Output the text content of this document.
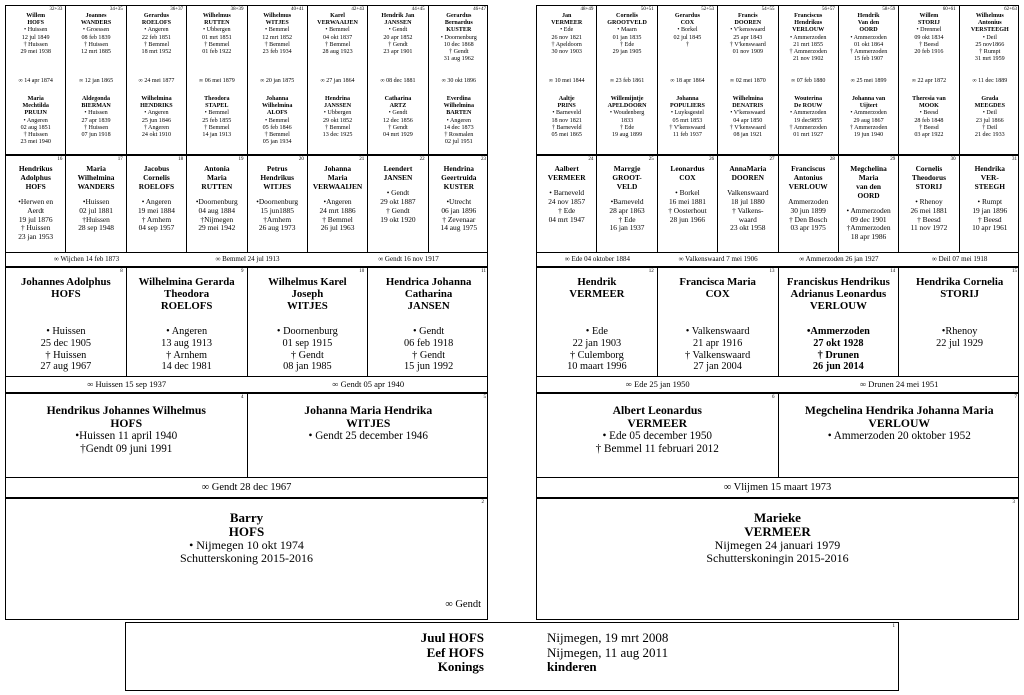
32+33
Willem
HOFS
• Huissen
12 jul 1849
† Huissen
29 mei 1938
∞ 14 apr 1874
Maria
Mechtilda
PRUIJN
• Angeren
02 aug 1851
† Huissen
23 mei 1940
34+35
Joannes
WANDERS
• Groessen
08 feb 1839
† Huissen
12 mrt 1885
∞ 12 jan 1865
Aldegonda
BIERMAN
• Huissen
27 apr 1839
† Huissen
07 jun 1918
36+37
Gerardus
ROELOFS
• Angeren
22 feb 1851
† Bemmel
18 mrt 1952
∞ 24 mei 1877
Wilhelmina
HENDRIKS
• Angeren
25 jun 1846
† Angeren
24 okt 1910
38+39
Wilhelmus
RUTTEN
• Ubbergen
01 mrt 1851
† Bemmel
01 feb 1922
∞ 06 mei 1879
Theodora
STAPEL
• Bemmel
25 feb 1855
† Bemmel
14 jan 1913
40+41
Wilhelmus
WITJES
• Bemmel
12 mrt 1852
† Bemmel
23 feb 1934
∞ 20 jan 1875
Johanna
Wilhelmina
ALOFS
• Bemmel
05 feb 1846
† Bemmel
05 jan 1934
42+43
Karel
VERWAAIJEN
• Bemmel
04 okt 1837
† Bemmel
28 aug 1923
∞ 27 jan 1864
Hendrina
JANSSEN
• Ubbergen
29 okt 1852
† Bemmel
13 dec 1925
44+45
Hendrik Jan
JANSSEN
• Gendt
20 apr 1852
† Gendt
23 apr 1901
∞ 08 dec 1881
Catharina
ARTZ
• Gendt
12 dec 1856
† Gendt
04 mrt 1929
46+47
Gerardus
Bernardus
KUSTER
• Doornenburg
10 dec 1868
† Gendt
31 aug 1962
∞ 30 okt 1896
Everdina
Wilhelmina
BARTEN
• Angeren
14 dec 1873
† Rosmalen
02 jul 1951
16
Hendrikus
Adolphus
HOFS
•Herwen en
Aerdt
19 jul 1876
† Huissen
23 jan 1953
17
Maria
Wilhelmina
WANDERS
•Huissen
02 jul 1881
†Huissen
28 sep 1948
18
Jacobus
Cornelis
ROELOFS
• Angeren
19 mei 1884
† Arnhem
04 sep 1957
19
Antonia
Maria
RUTTEN
•Doornenburg
04 aug 1884
†Nijmegen
29 mei 1942
20
Petrus
Hendrikus
WITJES
•Doornenburg
15 jun1885
†Arnhem
26 aug 1973
21
Johanna
Maria
VERWAAIJEN
•Angeren
24 mrt 1886
† Bemmel
26 jul 1963
22
Leendert
JANSEN
• Gendt
29 okt 1887
† Gendt
19 okt 1920
23
Hendrina
Geertruida
KUSTER
•Utrecht
06 jan 1896
† Zevenaar
14 aug 1975
∞ Wijchen 14 feb 1873	∞ Bemmel 24 jul 1913	∞ Gendt 16 nov 1917
8
Johannes Adolphus
HOFS
• Huissen
25 dec 1905
† Huissen
27 aug 1967
9
Wilhelmina Gerarda
Theodora
ROELOFS
• Angeren
13 aug 1913
† Arnhem
14 dec 1981
10
Wilhelmus Karel
Joseph
WITJES
• Doornenburg
01 sep 1915
† Gendt
08 jan 1985
11
Hendrica Johanna
Catharina
JANSEN
• Gendt
06 feb 1918
† Gendt
15 jun 1992
∞ Huissen 15 sep 1937	∞ Gendt 05 apr 1940
4
Hendrikus Johannes Wilhelmus
HOFS
•Huissen 11 april 1940
†Gendt 09 juni 1991
5
Johanna Maria Hendrika
WITJES
• Gendt 25 december 1946
∞ Gendt 28 dec 1967
2
Barry
HOFS
• Nijmegen 10 okt 1974
Schutterskoning 2015-2016
∞ Gendt
48+49
Jan
VERMEER
• Ede
26 nov 1821
† Apeldoorn
30 nov 1903
∞ 10 mei 1844
Aaltje
PRINS
• Barneveld
18 nov 1821
† Barneveld
05 mei 1865
50+51
Cornelis
GROOTVELD
• Maarn
01 jan 1835
† Ede
29 jan 1905
∞ 23 feb 1861
Willemijntje
APELDOORN
• Woudenberg
1833
† Ede
19 aug 1899
52+53
Gerardus
COX
• Borkel
02 jul 1845
†
∞ 18 apr 1864
Johanna
POPULIERS
• Luyksgestel
05 mrt 1853
† V'kenswaard
11 feb 1937
54+55
Francis
DOOREN
• V'kenswaard
25 apr 1843
† V'kenswaard
01 nov 1909
∞ 02 mei 1870
Wilhelmina
DENATRIS
• V'kenswaard
04 apr 1850
† V'kenswaard
08 jan 1921
56+57
Franciscus
Hendrikus
VERLOUW
• Ammerzoden
21 mrt 1855
† Ammerzoden
21 nov 1902
∞ 07 feb 1880
Wouterina
De ROUW
• Ammerzoden
19 dec9855
† Ammerzoden
01 mrt 1927
58+59
Hendrik
Van den
OORD
• Ammerzoden
01 okt 1864
† Ammerzoden
15 feb 1907
∞ 25 mei 1899
Johanna van
Uijtert
• Ammerzoden
29 aug 1867
† Ammerzoden
19 jun 1940
60+61
Willem
STORIJ
• Drenmel
09 okt 1834
† Beesd
20 feb 1916
∞ 22 apr 1872
Theresia van
MOOK
• Beesd
28 feb 1848
† Beesd
03 apr 1922
62+63
Wilhelmus
Antonius
VERSTEEGH
• Deil
25 nov1866
† Rumpt
31 mrt 1959
∞ 11 dec 1889
Grada
MEEGDES
• Deil
23 jul 1866
† Deil
21 dec 1933
24
Aalbert
VERMEER
• Barneveld
24 nov 1857
† Ede
04 mrt 1947
25
Marrgje
GROOT-
VELD
•Barneveld
28 apr 1863
† Ede
16 jan 1937
26
Leonardus
COX
• Borkel
16 mei 1881
† Oosterhout
28 jun 1966
27
AnnaMaria
DOOREN
Valkenswaard
18 jul 1880
† Valkens-
waard
23 okt 1958
28
Franciscus
Antonius
VERLOUW
Ammerzoden
30 jun 1899
† Den Bosch
03 apr 1975
29
Megchelina
Maria
van den
OORD
• Ammerzoden
09 dec 1901
†Ammerzoden
18 apr 1986
30
Cornelis
Theodorus
STORIJ
• Rhenoy
26 mei 1881
† Beesd
11 nov 1972
31
Hendrika
VER-
STEEGH
• Rumpt
19 jan 1896
† Beesd
10 apr 1961
∞ Ede 04 oktober 1884	∞ Valkenswaard 7 mei 1906	∞ Ammerzoden 26 jan 1927	∞ Deil 07 mei 1918
12
Hendrik
VERMEER
• Ede
22 jan 1903
† Culemborg
10 maart 1996
13
Francisca Maria
COX
• Valkenswaard
21 apr 1916
† Valkenswaard
27 jan 2004
14
Franciskus Hendrikus
Adrianus Leonardus
VERLOUW
•Ammerzoden
27 okt 1928
† Drunen
26 jun 2014
15
Hendrika Cornelia
STORIJ
•Rhenoy
22 jul 1929
∞ Ede 25 jan 1950	∞ Drunen 24 mei 1951
6
Albert Leonardus
VERMEER
• Ede 05 december 1950
† Bemmel 11 februari 2012
7
Megchelina Hendrika Johanna Maria
VERLOUW
• Ammerzoden 20 oktober 1952
∞ Vlijmen 15 maart 1973
3
Marieke
VERMEER
Nijmegen 24 januari 1979
Schutterskoningin 2015-2016
1
Juul HOFS
Eef HOFS
Konings
Nijmegen, 19 mrt 2008
Nijmegen, 11 aug 2011
kinderen
